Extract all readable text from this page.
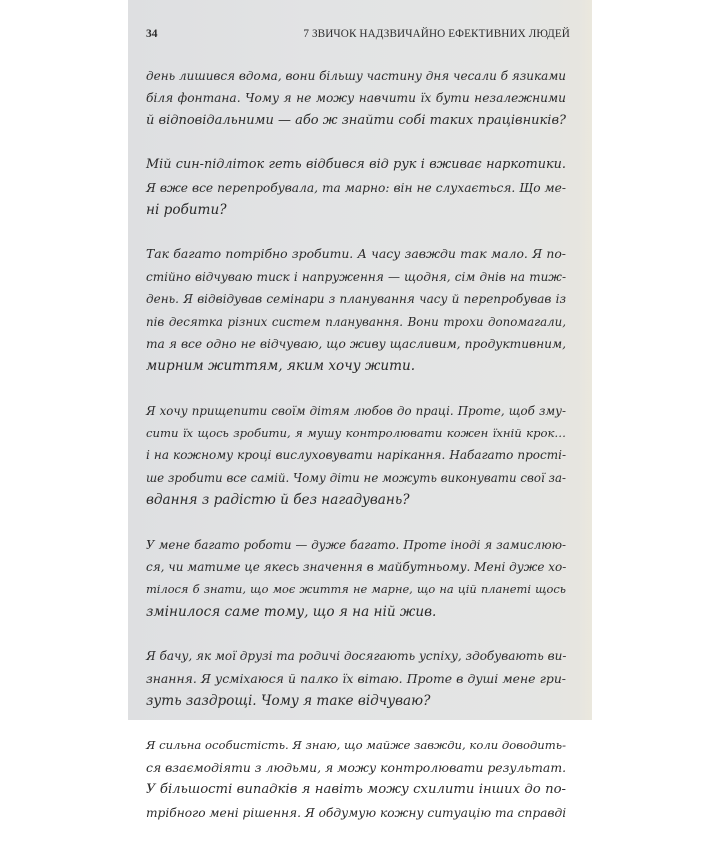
34	7 ЗВИЧОК НАДЗВИЧАЙНО ЕФЕКТИВНИХ ЛЮДЕЙ

день лишився вдома, вони більшу частину дня чесали б язиками
біля фонтана. Чому я не можу навчити їх бути незалежними
й відповідальними — або ж знайти собі таких працівників?

Мій син-підліток геть відбився від рук і вживає наркотики.
Я вже все перепробувала, та марно: він не слухається. Що ме-
ні робити?

Так багато потрібно зробити. А часу завжди так мало. Я по-
стійно відчуваю тиск і напруження — щодня, сім днів на тиж-
день. Я відвідував семінари з планування часу й перепробував із
пів десятка різних систем планування. Вони трохи допомагали,
та я все одно не відчуваю, що живу щасливим, продуктивним,
мирним життям, яким хочу жити.

Я хочу прищепити своїм дітям любов до праці. Проте, щоб зму-
сити їх щось зробити, я мушу контролювати кожен їхній крок…
і на кожному кроці вислуховувати нарікання. Набагато прості-
ше зробити все самій. Чому діти не можуть виконувати свої за-
вдання з радістю й без нагадувань?

У мене багато роботи — дуже багато. Проте іноді я замислюю-
ся, чи матиме це якесь значення в майбутньому. Мені дуже хо-
тілося б знати, що моє життя не марне, що на цій планеті щось
змінилося саме тому, що я на ній жив.

Я бачу, як мої друзі та родичі досягають успіху, здобувають ви-
знання. Я усміхаюся й палко їх вітаю. Проте в душі мене гри-
зуть заздрощі. Чому я таке відчуваю?

Я сильна особистість. Я знаю, що майже завжди, коли доводить-
ся взаємодіяти з людьми, я можу контролювати результат.
У більшості випадків я навіть можу схилити інших до по-
трібного мені рішення. Я обдумую кожну ситуацію та справді
